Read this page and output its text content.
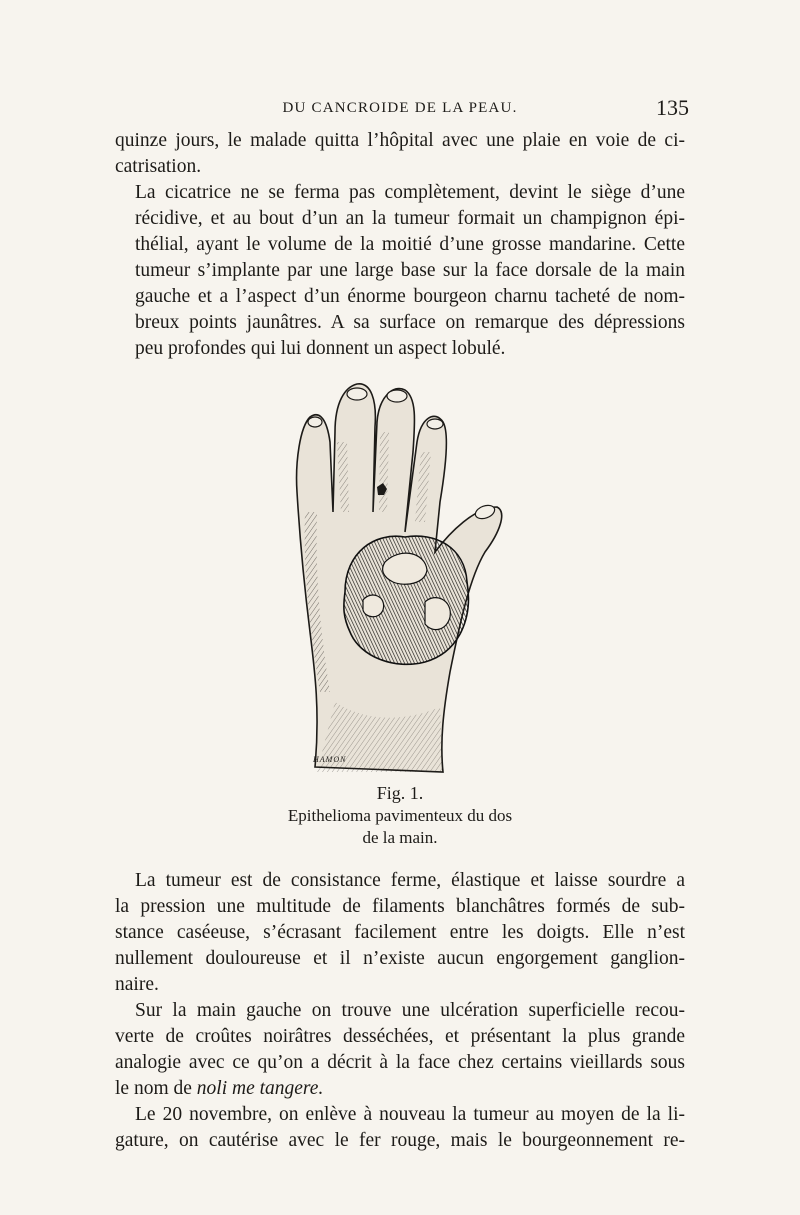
DU CANCROIDE DE LA PEAU.	135

quinze jours, le malade quitta l’hôpital avec une plaie en voie de ci-
catrisation.

La cicatrice ne se ferma pas complètement, devint le siège d’une
récidive, et au bout d’un an la tumeur formait un champignon épi-
thélial, ayant le volume de la moitié d’une grosse mandarine. Cette
tumeur s’implante par une large base sur la face dorsale de la main
gauche et a l’aspect d’un énorme bourgeon charnu tacheté de nom-
breux points jaunâtres. A sa surface on remarque des dépressions
peu profondes qui lui donnent un aspect lobulé.

HAMON
Fig. 1.
Epithelioma pavimenteux du dos
de la main.

La tumeur est de consistance ferme, élastique et laisse sourdre a
la pression une multitude de filaments blanchâtres formés de sub-
stance caséeuse, s’écrasant facilement entre les doigts. Elle n’est
nullement douloureuse et il n’existe aucun engorgement ganglion-
naire.

Sur la main gauche on trouve une ulcération superficielle recou-
verte de croûtes noirâtres desséchées, et présentant la plus grande
analogie avec ce qu’on a décrit à la face chez certains vieillards sous
le nom de noli me tangere.

Le 20 novembre, on enlève à nouveau la tumeur au moyen de la li-
gature, on cautérise avec le fer rouge, mais le bourgeonnement re-
